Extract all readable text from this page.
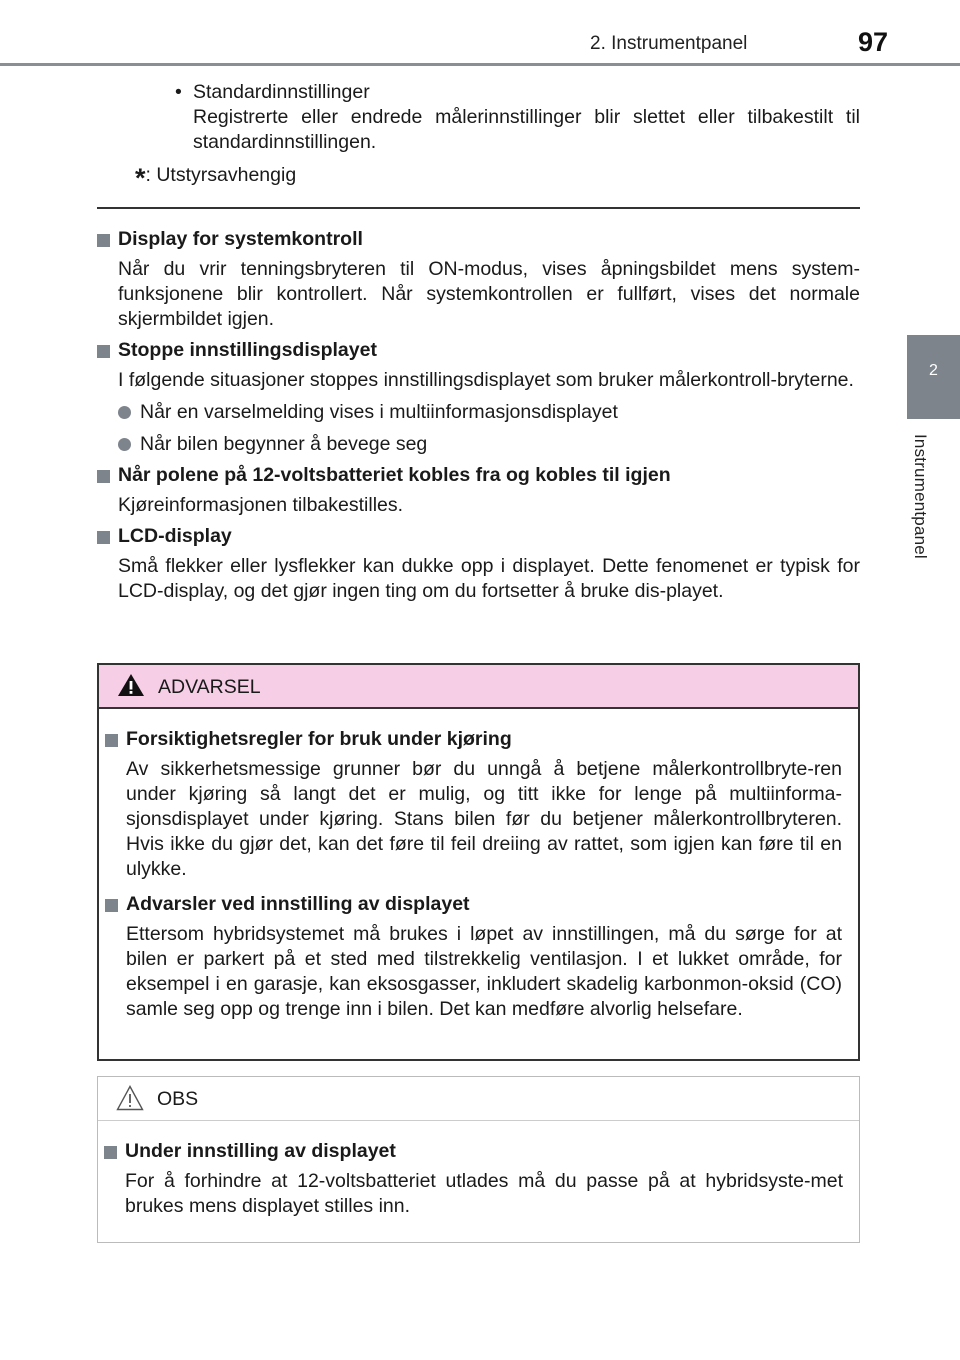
2. Instrumentpanel	97
2
Instrumentpanel
• Standardinnstillinger

Registrerte eller endrede målerinnstillinger blir slettet eller tilbakestilt til standardinnstillingen.

*: Utstyrsavhengig
Display for systemkontroll

Når du vrir tenningsbryteren til ON-modus, vises åpningsbildet mens system-funksjonene blir kontrollert. Når systemkontrollen er fullført, vises det normale skjermbildet igjen.

Stoppe innstillingsdisplayet

I følgende situasjoner stoppes innstillingsdisplayet som bruker målerkontroll-bryterne.

Når en varselmelding vises i multiinformasjonsdisplayet
Når bilen begynner å bevege seg
Når polene på 12-voltsbatteriet kobles fra og kobles til igjen

Kjøreinformasjonen tilbakestilles.

LCD-display

Små flekker eller lysflekker kan dukke opp i displayet. Dette fenomenet er typisk for LCD-display, og det gjør ingen ting om du fortsetter å bruke dis-playet.

ADVARSEL
Forsiktighetsregler for bruk under kjøring

Av sikkerhetsmessige grunner bør du unngå å betjene målerkontrollbryte-ren under kjøring så langt det er mulig, og titt ikke for lenge på multiinforma-sjonsdisplayet under kjøring. Stans bilen før du betjener målerkontrollbryteren. Hvis ikke du gjør det, kan det føre til feil dreiing av rattet, som igjen kan føre til en ulykke.

Advarsler ved innstilling av displayet

Ettersom hybridsystemet må brukes i løpet av innstillingen, må du sørge for at bilen er parkert på et sted med tilstrekkelig ventilasjon. I et lukket område, for eksempel i en garasje, kan eksosgasser, inkludert skadelig karbonmon-oksid (CO) samle seg opp og trenge inn i bilen. Det kan medføre alvorlig helsefare.

OBS
Under innstilling av displayet

For å forhindre at 12-voltsbatteriet utlades må du passe på at hybridsyste-met brukes mens displayet stilles inn.
